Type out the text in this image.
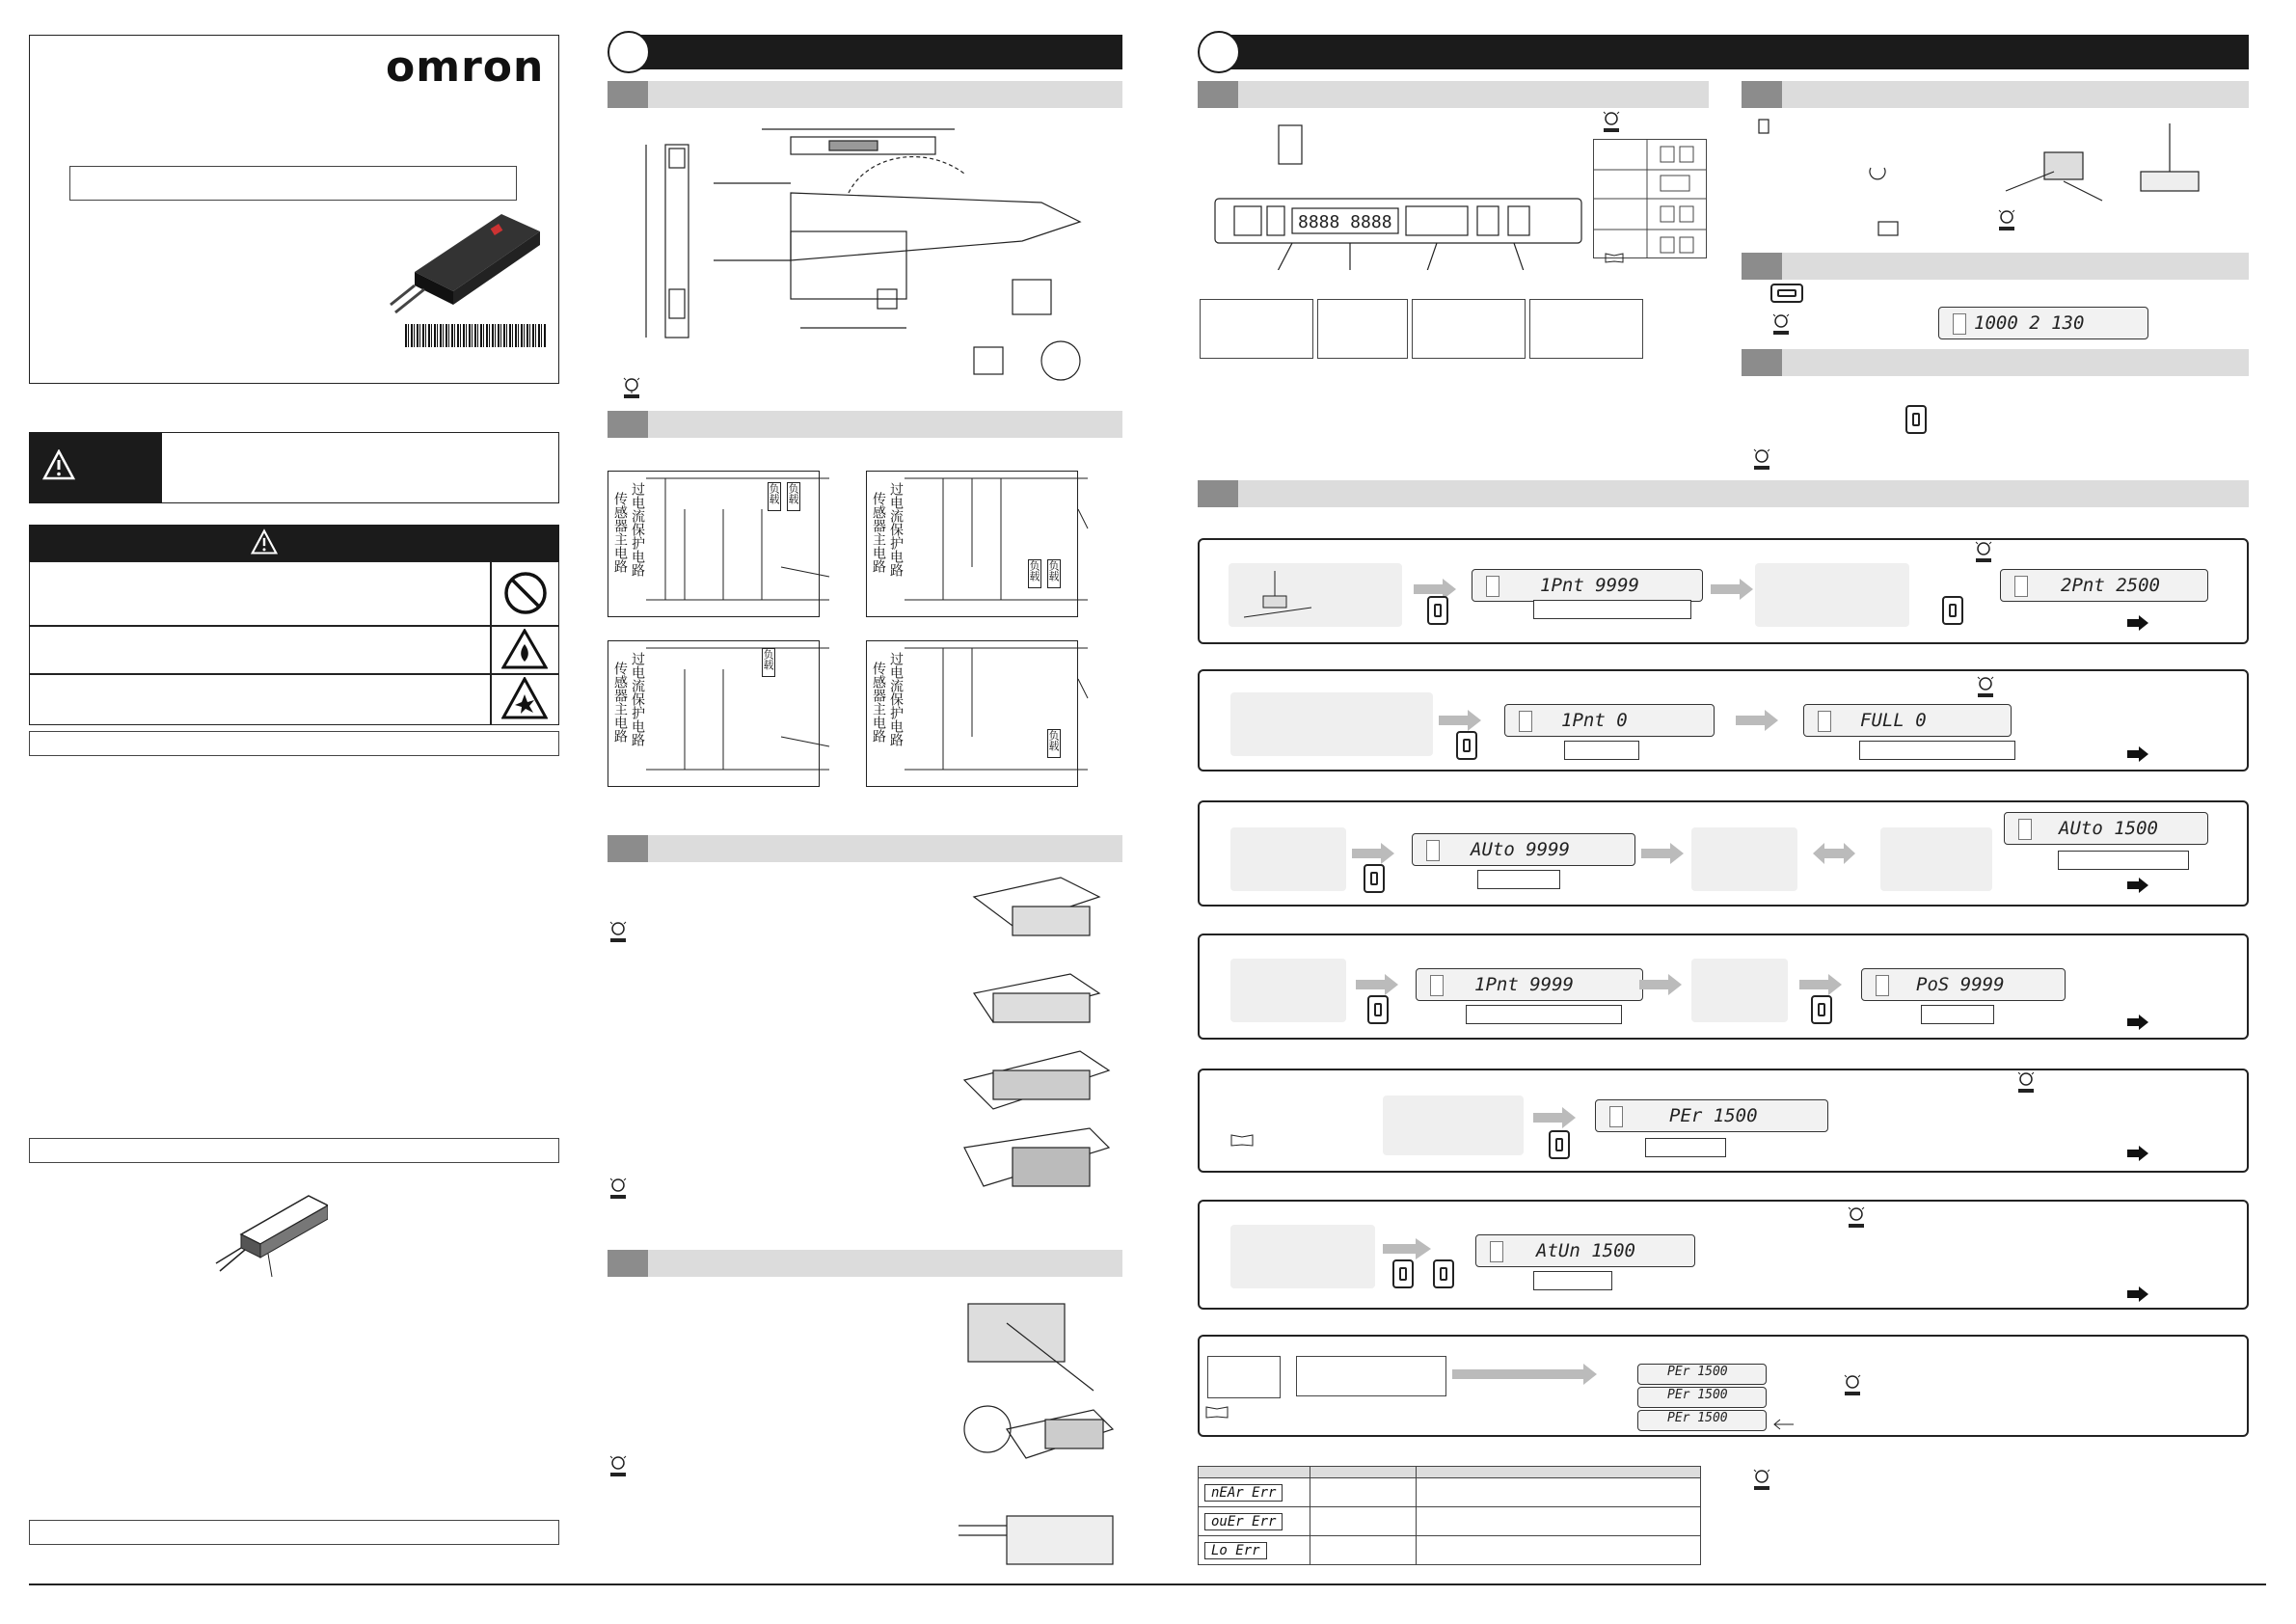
omron
过电流保护电路
传感器主电路	负载 负载	过电流保护电路
传感器主电路	负载 负载
过电流保护电路
传感器主电路
负载	过电流保护电路
传感器主电路	负载
8888 8888
1000 2 130
1Pnt 9999	2Pnt 2500
1Pnt 0	FULL 0
AUto 9999
AUto 1500
1Pnt 9999	PoS 9999
PEr 1500
AtUn 1500
PEr 1500
PEr 1500
PEr 1500

nEAr Err		
ouEr Err		
Lo Err		
